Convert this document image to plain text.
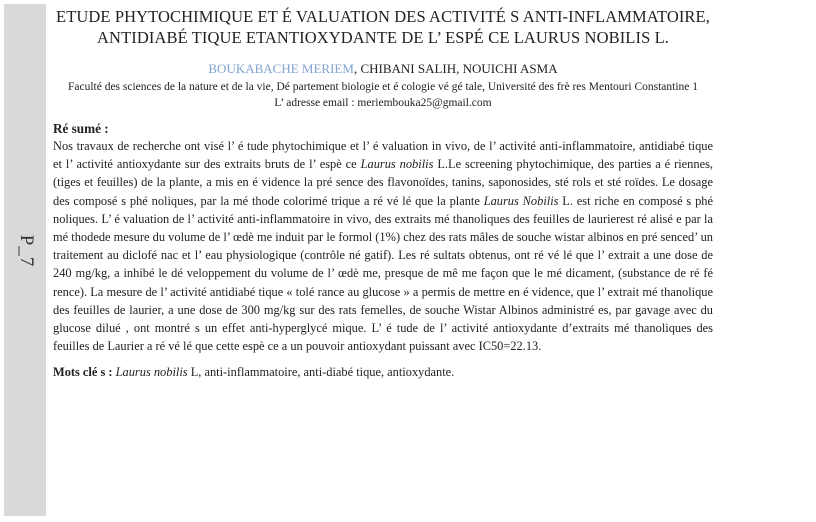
P_7
ETUDE PHYTOCHIMIQUE ET É VALUATION DES ACTIVITÉ S ANTI-INFLAMMATOIRE, ANTIDIABÉ TIQUE ETANTIOXYDANTE DE L’ ESPÉ CE LAURUS NOBILIS L.
BOUKABACHE MERIEM, CHIBANI SALIH, NOUICHI ASMA
Faculté des sciences de la nature et de la vie, Dé partement biologie et é cologie vé gé tale, Université des frè res Mentouri Constantine 1
L’ adresse email : meriembouka25@gmail.com
Ré sumé :

Nos travaux de recherche ont visé l’ é tude phytochimique et l’ é valuation in vivo, de l’ activité anti-inflammatoire, antidiabé tique et l’ activité antioxydante sur des extraits bruts de l’ espè ce Laurus nobilis L.Le screening phytochimique, des parties a é riennes, (tiges et feuilles) de la plante, a mis en é vidence la pré sence des flavonoïdes, tanins, saponosides, sté rols et sté roïdes. Le dosage des composé s phé noliques, par la mé thode colorimé trique a ré vé lé que la plante Laurus Nobilis L. est riche en composé s phé noliques. L’ é valuation de l’ activité anti-inflammatoire in vivo, des extraits mé thanoliques des feuilles de laurierest ré alisé e par la mé thodede mesure du volume de l’ œdè me induit par le formol (1%) chez des rats mâles de souche wistar albinos en pré senced’ un traitement au diclofé nac et l’ eau physiologique (contrôle né gatif). Les ré sultats obtenus, ont ré vé lé que l’ extrait a une dose de 240 mg/kg, a inhibé le dé veloppement du volume de l’ œdè me, presque de mê me façon que le mé dicament, (substance de ré fé rence). La mesure de l’ activité antidiabé tique « tolé rance au glucose » a permis de mettre en é vidence, que l’ extrait mé thanolique des feuilles de laurier, a une dose de 300 mg/kg sur des rats femelles, de souche Wistar Albinos administré es, par gavage avec du glucose dilué , ont montré s un effet anti-hyperglycé mique. L’ é tude de l’ activité antioxydante d’extraits mé thanoliques des feuilles de Laurier a ré vé lé que cette espè ce a un pouvoir antioxydant puissant avec IC50=22.13.

Mots clé s : Laurus nobilis L, anti-inflammatoire, anti-diabé tique, antioxydante.
